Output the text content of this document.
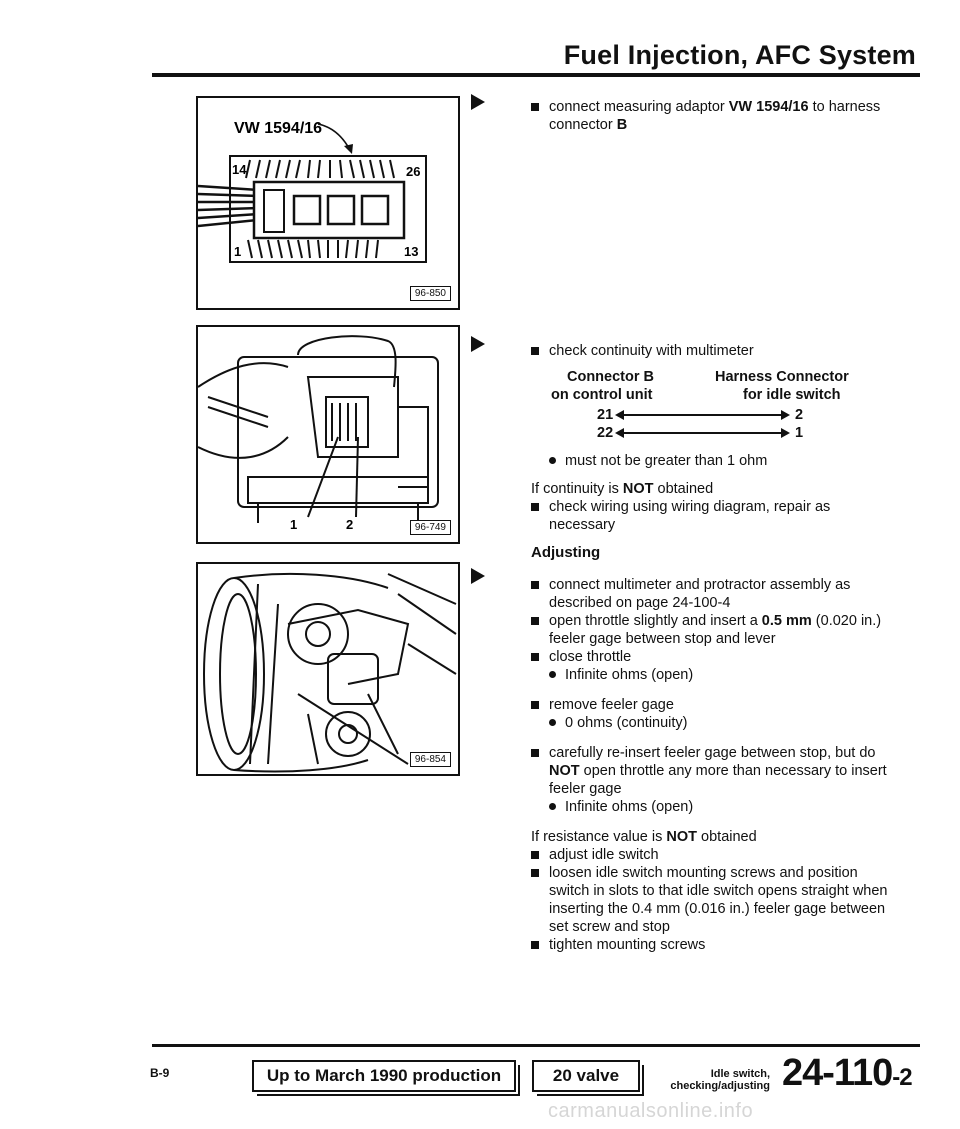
Fuel Injection, AFC System
VW 1594/16
14	26
1	13
96-850
1	2	96-749
96-854
connect measuring adaptor VW 1594/16 to harness connector B
check continuity with multimeter
Connector B
on control unit
Harness Connector
for idle switch
21	2
22	1
must not be greater than 1 ohm
If continuity is NOT obtained
check wiring using wiring diagram, repair as necessary
Adjusting
connect multimeter and protractor assembly as described on page 24-100-4
open throttle slightly and insert a 0.5 mm (0.020 in.) feeler gage between stop and lever
close throttle
Infinite ohms (open)
remove feeler gage
0 ohms (continuity)
carefully re-insert feeler gage between stop, but do NOT open throttle any more than necessary to insert feeler gage
Infinite ohms (open)
If resistance value is NOT obtained
adjust idle switch
loosen idle switch mounting screws and position switch in slots to that idle switch opens straight when inserting the 0.4 mm (0.016 in.) feeler gage between set screw and stop
tighten mounting screws
B-9	Up to March 1990 production	20 valve	Idle switch,
checking/adjusting 24-110-2
carmanualsonline.info
